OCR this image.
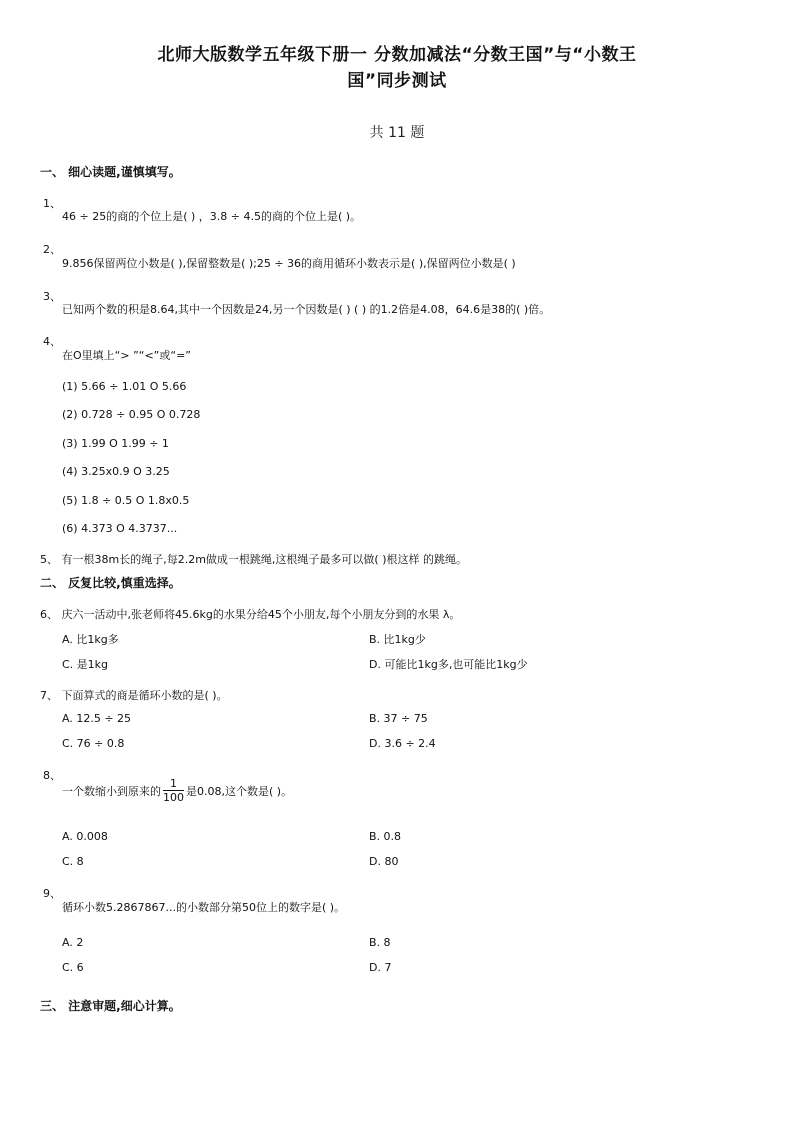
北师大版数学五年级下册一 分数加减法“分数王国”与“小数王
国”同步测试
共 11 题
一、 细心读题,谨慎填写。
1、
46 ÷ 25的商的个位上是( ) ，3.8 ÷ 4.5的商的个位上是( )。
2、
9.856保留两位小数是( ),保留整数是( );25 ÷ 36的商用循环小数表示是( ),保留两位小数是( )
3、
已知两个数的积是8.64,其中一个因数是24,另一个因数是( ) ( ) 的1.2倍是4.08，64.6是38的( )倍。
4、
在O里填上“> ”“<”或“=”
(1) 5.66 ÷ 1.01 O 5.66
(2) 0.728 ÷ 0.95 O 0.728
(3) 1.99 O 1.99 ÷ 1
(4) 3.25x0.9 O 3.25
(5) 1.8 ÷ 0.5 O 1.8x0.5
(6) 4.373 O 4.3737...
5、 有一根38m长的绳子,每2.2m做成一根跳绳,这根绳子最多可以做( )根这样 的跳绳。
二、 反复比较,慎重选择。
6、 庆六一活动中,张老师将45.6kg的水果分给45个小朋友,每个小朋友分到的水果 λ。
A. 比1kg多	B. 比1kg少
C. 是1kg	D. 可能比1kg多,也可能比1kg少
7、 下面算式的商是循环小数的是( )。
A. 12.5 ÷ 25	B. 37 ÷ 75
C. 76 ÷ 0.8	D. 3.6 ÷ 2.4
8、
一个数缩小到原来的 $\frac{1}{100}$ 是0.08,这个数是( )。
A. 0.008	B. 0.8
C. 8	D. 80
9、
循环小数5.2867867...的小数部分第50位上的数字是( )。
A. 2	B. 8
C. 6	D. 7
三、 注意审题,细心计算。
